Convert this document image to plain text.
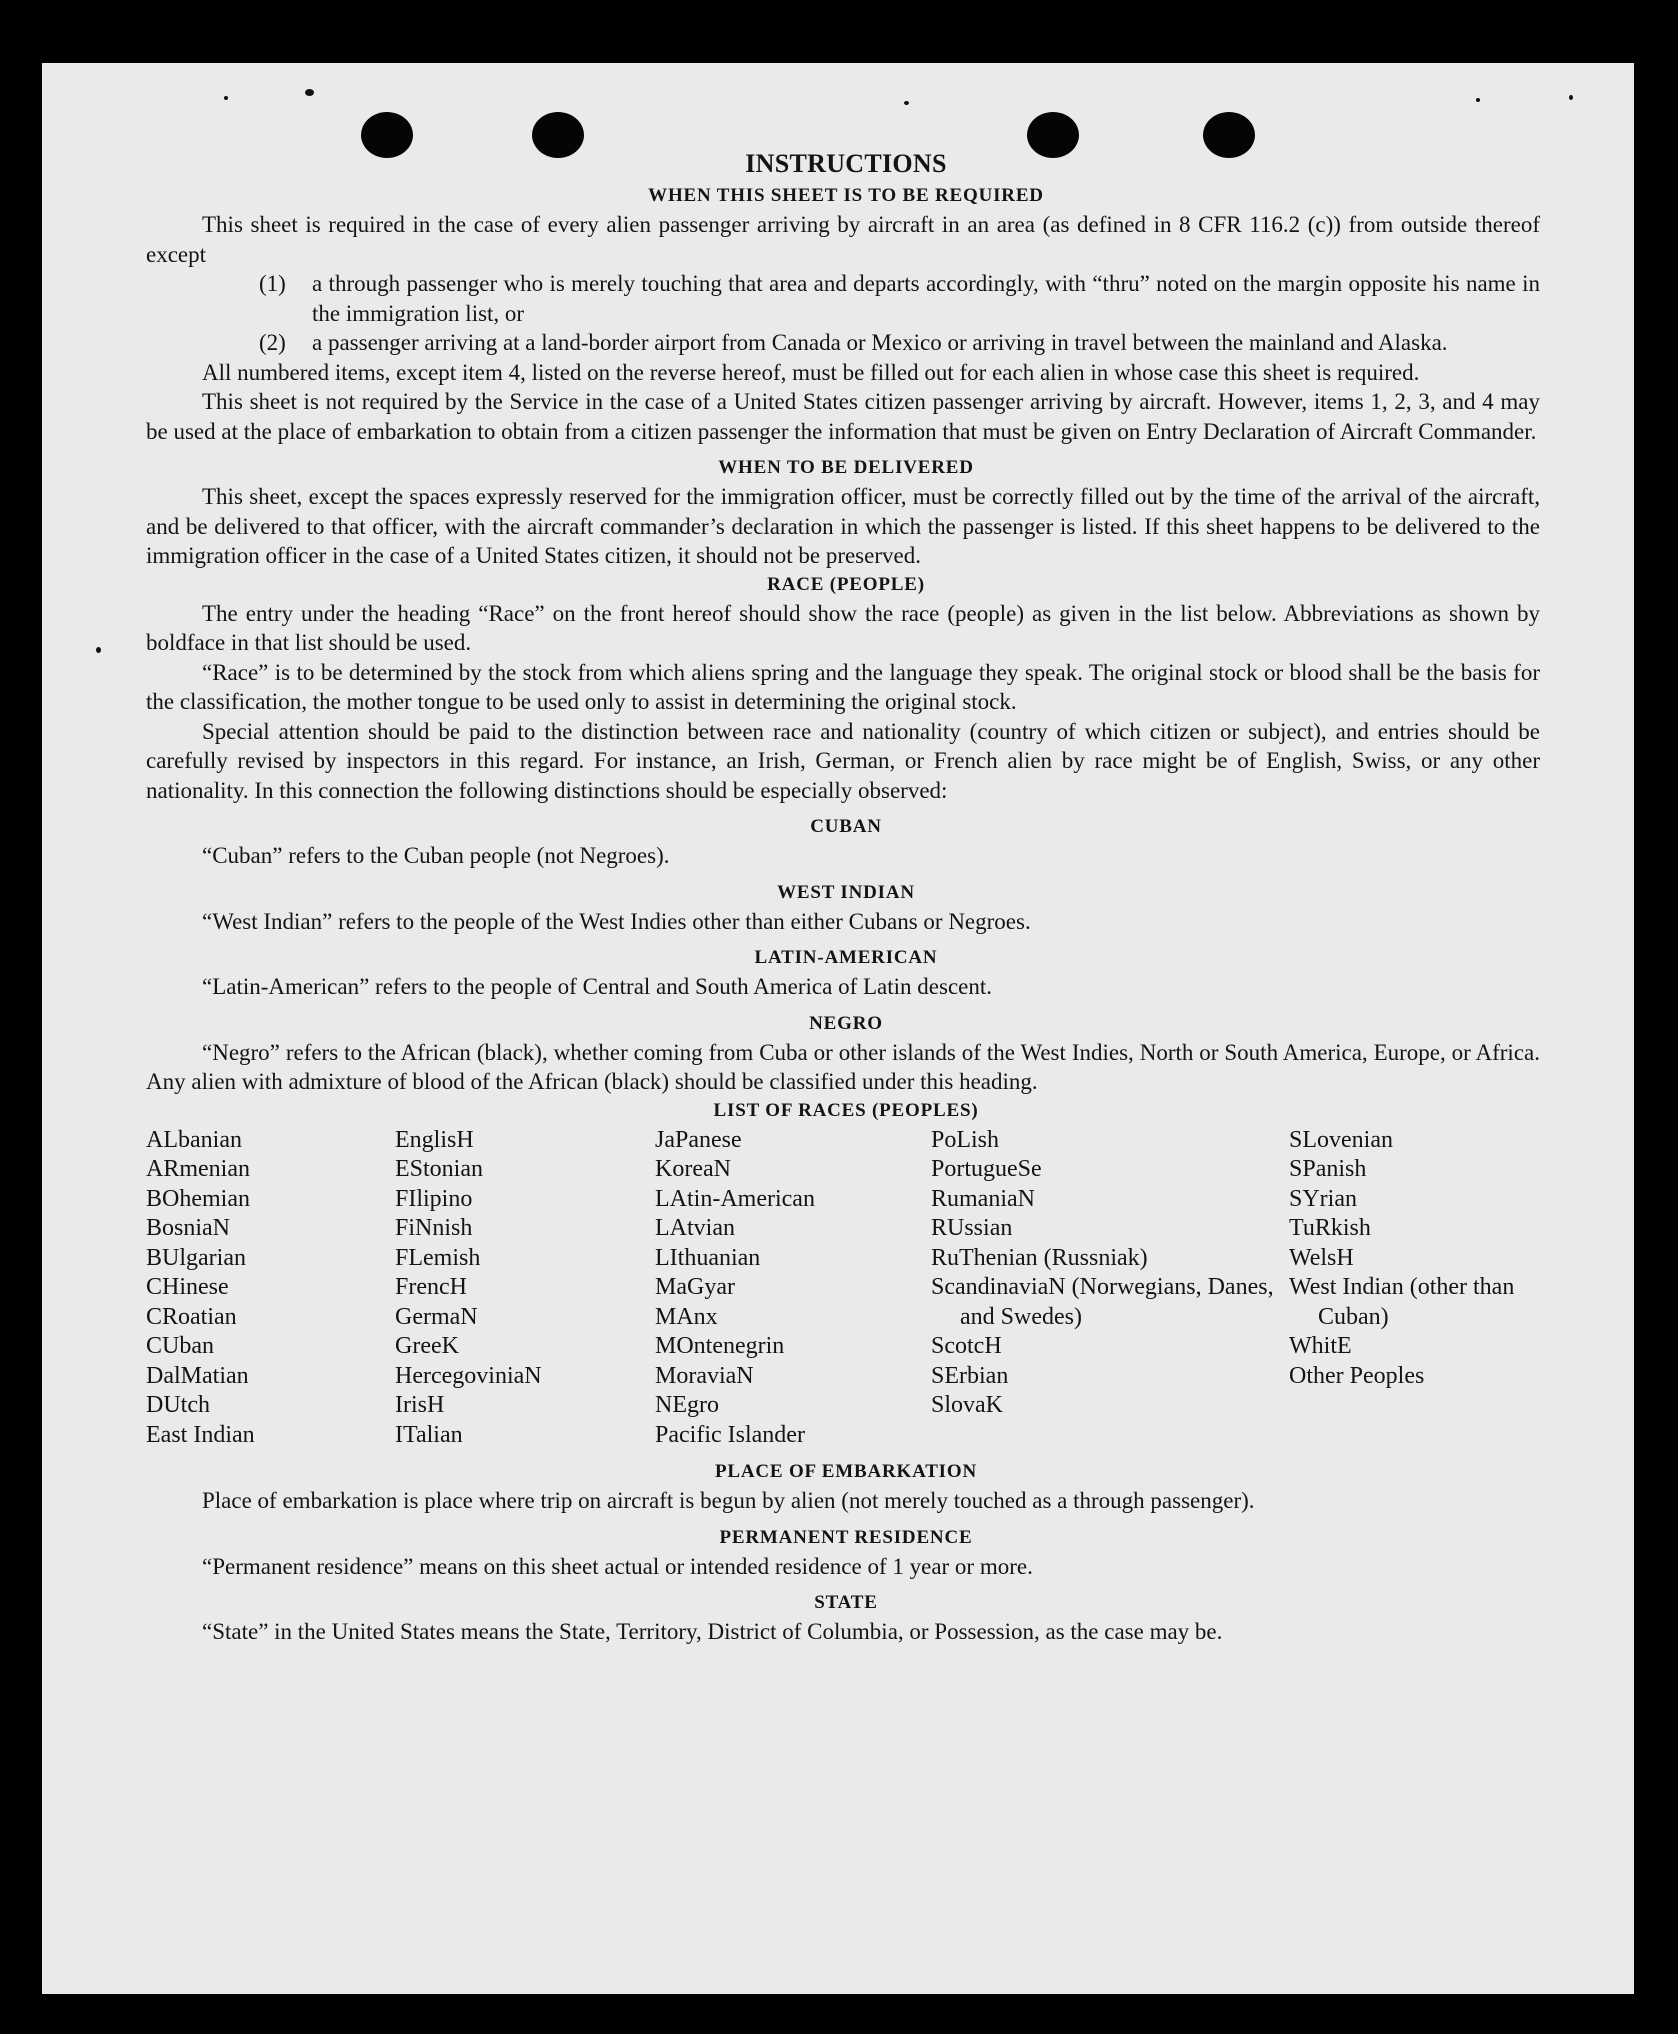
INSTRUCTIONS
WHEN THIS SHEET IS TO BE REQUIRED

This sheet is required in the case of every alien passenger arriving by aircraft in an area (as defined in 8 CFR 116.2 (c)) from outside thereof except

(1)	a through passenger who is merely touching that area and departs accordingly, with “thru” noted on the margin opposite his name in the immigration list, or
(2)	a passenger arriving at a land-border airport from Canada or Mexico or arriving in travel between the mainland and Alaska.

All numbered items, except item 4, listed on the reverse hereof, must be filled out for each alien in whose case this sheet is required.

This sheet is not required by the Service in the case of a United States citizen passenger arriving by aircraft. However, items 1, 2, 3, and 4 may be used at the place of embarkation to obtain from a citizen passenger the information that must be given on Entry Declaration of Aircraft Commander.

WHEN TO BE DELIVERED

This sheet, except the spaces expressly reserved for the immigration officer, must be correctly filled out by the time of the arrival of the aircraft, and be delivered to that officer, with the aircraft commander’s declaration in which the passenger is listed. If this sheet happens to be delivered to the immigration officer in the case of a United States citizen, it should not be preserved.

RACE (PEOPLE)

The entry under the heading “Race” on the front hereof should show the race (people) as given in the list below. Abbreviations as shown by boldface in that list should be used.

“Race” is to be determined by the stock from which aliens spring and the language they speak. The original stock or blood shall be the basis for the classification, the mother tongue to be used only to assist in determining the original stock.

Special attention should be paid to the distinction between race and nationality (country of which citizen or subject), and entries should be carefully revised by inspectors in this regard. For instance, an Irish, German, or French alien by race might be of English, Swiss, or any other nationality. In this connection the following distinctions should be especially observed:

CUBAN

“Cuban” refers to the Cuban people (not Negroes).

WEST INDIAN

“West Indian” refers to the people of the West Indies other than either Cubans or Negroes.

LATIN-AMERICAN

“Latin-American” refers to the people of Central and South America of Latin descent.

NEGRO

“Negro” refers to the African (black), whether coming from Cuba or other islands of the West Indies, North or South America, Europe, or Africa. Any alien with admixture of blood of the African (black) should be classified under this heading.

LIST OF RACES (PEOPLES)
ALbanian
ARmenian
BOhemian
BosniaN
BUlgarian
CHinese
CRoatian
CUban
DalMatian
DUtch
East Indian
EnglisH
EStonian
FIlipino
FiNnish
FLemish
FrencH
GermaN
GreeK
HercegovinіaN
IrisH
ITalian
JaPanese
KoreaN
LAtin-American
LAtvian
LIthuanian
MaGyar
MAnx
MOntenegrin
MoraviaN
NEgro
Pacific Islander
PoLish
PortugueSe
RumaniaN
RUssian
RuThenian (Russniak)
ScandinaviaN (Norwegians, Danes, and Swedes)
ScotcH
SErbian
SlovaK
SLovenian
SPanish
SYrian
TuRkish
WelsH
West Indian (other than Cuban)
WhitE
Other Peoples
PLACE OF EMBARKATION

Place of embarkation is place where trip on aircraft is begun by alien (not merely touched as a through passenger).

PERMANENT RESIDENCE

“Permanent residence” means on this sheet actual or intended residence of 1 year or more.

STATE

“State” in the United States means the State, Territory, District of Columbia, or Possession, as the case may be.
